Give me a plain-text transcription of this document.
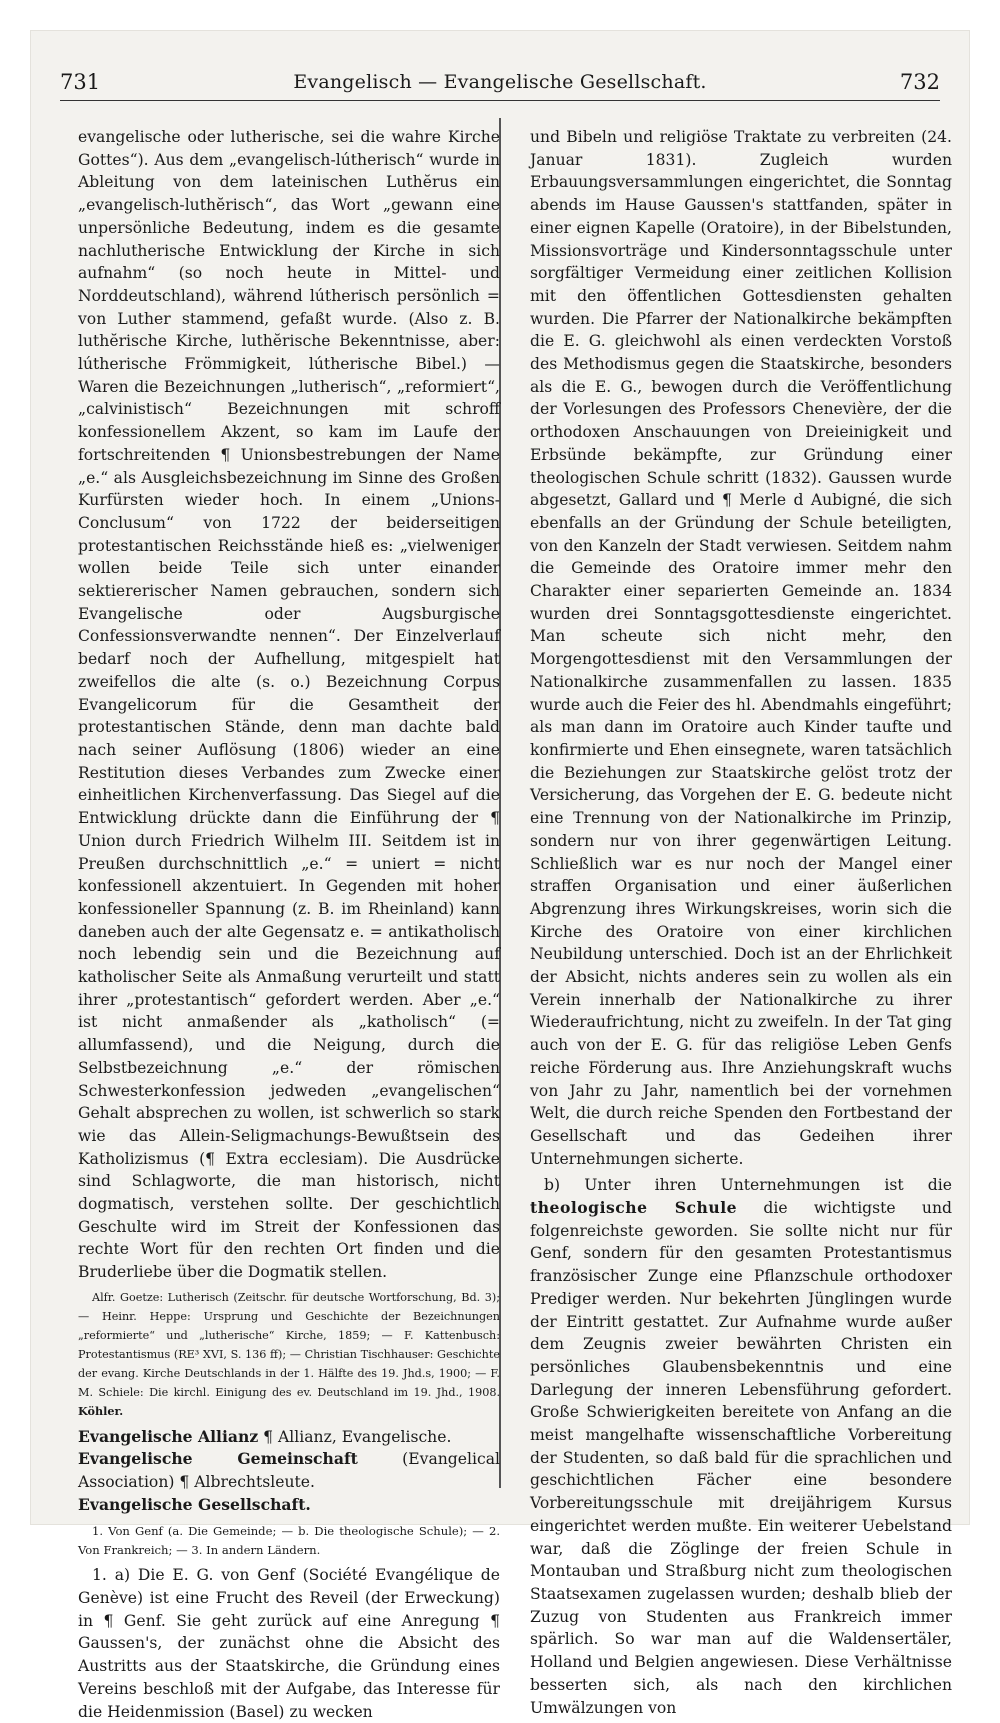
731	Evangelisch — Evangelische Gesellschaft.	732

evangelische oder lutherische, sei die wahre Kirche Gottes“). Aus dem „evangelisch-lútherisch“ wurde in Ableitung von dem lateinischen Luthĕrus ein „evangelisch-luthĕrisch“, das Wort „gewann eine unpersönliche Bedeutung, indem es die gesamte nachlutherische Entwicklung der Kirche in sich aufnahm“ (so noch heute in Mittel- und Norddeutschland), während lútherisch persönlich = von Luther stammend, gefaßt wurde. (Also z. B. luthĕrische Kirche, luthĕrische Bekenntnisse, aber: lútherische Frömmigkeit, lútherische Bibel.) — Waren die Bezeichnungen „lutherisch“, „reformiert“, „calvinistisch“ Bezeichnungen mit schroff konfessionellem Akzent, so kam im Laufe der fortschreitenden ¶ Unionsbestrebungen der Name „e.“ als Ausgleichsbezeichnung im Sinne des Großen Kurfürsten wieder hoch. In einem „Unions-Conclusum“ von 1722 der beiderseitigen protestantischen Reichsstände hieß es: „vielweniger wollen beide Teile sich unter einander sektiererischer Namen gebrauchen, sondern sich Evangelische oder Augsburgische Confessionsverwandte nennen“. Der Einzelverlauf bedarf noch der Aufhellung, mitgespielt hat zweifellos die alte (s. o.) Bezeichnung Corpus Evangelicorum für die Gesamtheit der protestantischen Stände, denn man dachte bald nach seiner Auflösung (1806) wieder an eine Restitution dieses Verbandes zum Zwecke einer einheitlichen Kirchenverfassung. Das Siegel auf die Entwicklung drückte dann die Einführung der ¶ Union durch Friedrich Wilhelm III. Seitdem ist in Preußen durchschnittlich „e.“ = uniert = nicht konfessionell akzentuiert. In Gegenden mit hoher konfessioneller Spannung (z. B. im Rheinland) kann daneben auch der alte Gegensatz e. = antikatholisch noch lebendig sein und die Bezeichnung auf katholischer Seite als Anmaßung verurteilt und statt ihrer „protestantisch“ gefordert werden. Aber „e.“ ist nicht anmaßender als „katholisch“ (= allumfassend), und die Neigung, durch die Selbstbezeichnung „e.“ der römischen Schwesterkonfession jedweden „evangelischen“ Gehalt absprechen zu wollen, ist schwerlich so stark wie das Allein-Seligmachungs-Bewußtsein des Katholizismus (¶ Extra ecclesiam). Die Ausdrücke sind Schlagworte, die man historisch, nicht dogmatisch, verstehen sollte. Der geschichtlich Geschulte wird im Streit der Konfessionen das rechte Wort für den rechten Ort finden und die Bruderliebe über die Dogmatik stellen.

Alfr. Goetze: Lutherisch (Zeitschr. für deutsche Wortforschung, Bd. 3); — Heinr. Heppe: Ursprung und Geschichte der Bezeichnungen „reformierte“ und „lutherische“ Kirche, 1859; — F. Kattenbusch: Protestantismus (RE³ XVI, S. 136 ff); — Christian Tischhauser: Geschichte der evang. Kirche Deutschlands in der 1. Hälfte des 19. Jhd.s, 1900; — F. M. Schiele: Die kirchl. Einigung des ev. Deutschland im 19. Jhd., 1908. Köhler.

Evangelische Allianz ¶ Allianz, Evangelische.

Evangelische Gemeinschaft (Evangelical Association) ¶ Albrechtsleute.

Evangelische Gesellschaft.

1. Von Genf (a. Die Gemeinde; — b. Die theologische Schule); — 2. Von Frankreich; — 3. In andern Ländern.

1. a) Die E. G. von Genf (Société Evangélique de Genève) ist eine Frucht des Reveil (der Erweckung) in ¶ Genf. Sie geht zurück auf eine Anregung ¶ Gaussen's, der zunächst ohne die Absicht des Austritts aus der Staatskirche, die Gründung eines Vereins beschloß mit der Aufgabe, das Interesse für die Heidenmission (Basel) zu wecken

und Bibeln und religiöse Traktate zu verbreiten (24. Januar 1831). Zugleich wurden Erbauungsversammlungen eingerichtet, die Sonntag abends im Hause Gaussen's stattfanden, später in einer eignen Kapelle (Oratoire), in der Bibelstunden, Missionsvorträge und Kindersonntagsschule unter sorgfältiger Vermeidung einer zeitlichen Kollision mit den öffentlichen Gottesdiensten gehalten wurden. Die Pfarrer der Nationalkirche bekämpften die E. G. gleichwohl als einen verdeckten Vorstoß des Methodismus gegen die Staatskirche, besonders als die E. G., bewogen durch die Veröffentlichung der Vorlesungen des Professors Chenevière, der die orthodoxen Anschauungen von Dreieinigkeit und Erbsünde bekämpfte, zur Gründung einer theologischen Schule schritt (1832). Gaussen wurde abgesetzt, Gallard und ¶ Merle d Aubigné, die sich ebenfalls an der Gründung der Schule beteiligten, von den Kanzeln der Stadt verwiesen. Seitdem nahm die Gemeinde des Oratoire immer mehr den Charakter einer separierten Gemeinde an. 1834 wurden drei Sonntagsgottesdienste eingerichtet. Man scheute sich nicht mehr, den Morgengottesdienst mit den Versammlungen der Nationalkirche zusammenfallen zu lassen. 1835 wurde auch die Feier des hl. Abendmahls eingeführt; als man dann im Oratoire auch Kinder taufte und konfirmierte und Ehen einsegnete, waren tatsächlich die Beziehungen zur Staatskirche gelöst trotz der Versicherung, das Vorgehen der E. G. bedeute nicht eine Trennung von der Nationalkirche im Prinzip, sondern nur von ihrer gegenwärtigen Leitung. Schließlich war es nur noch der Mangel einer straffen Organisation und einer äußerlichen Abgrenzung ihres Wirkungskreises, worin sich die Kirche des Oratoire von einer kirchlichen Neubildung unterschied. Doch ist an der Ehrlichkeit der Absicht, nichts anderes sein zu wollen als ein Verein innerhalb der Nationalkirche zu ihrer Wiederaufrichtung, nicht zu zweifeln. In der Tat ging auch von der E. G. für das religiöse Leben Genfs reiche Förderung aus. Ihre Anziehungskraft wuchs von Jahr zu Jahr, namentlich bei der vornehmen Welt, die durch reiche Spenden den Fortbestand der Gesellschaft und das Gedeihen ihrer Unternehmungen sicherte.

b) Unter ihren Unternehmungen ist die theologische Schule die wichtigste und folgenreichste geworden. Sie sollte nicht nur für Genf, sondern für den gesamten Protestantismus französischer Zunge eine Pflanzschule orthodoxer Prediger werden. Nur bekehrten Jünglingen wurde der Eintritt gestattet. Zur Aufnahme wurde außer dem Zeugnis zweier bewährten Christen ein persönliches Glaubensbekenntnis und eine Darlegung der inneren Lebensführung gefordert. Große Schwierigkeiten bereitete von Anfang an die meist mangelhafte wissenschaftliche Vorbereitung der Studenten, so daß bald für die sprachlichen und geschichtlichen Fächer eine besondere Vorbereitungsschule mit dreijährigem Kursus eingerichtet werden mußte. Ein weiterer Uebelstand war, daß die Zöglinge der freien Schule in Montauban und Straßburg nicht zum theologischen Staatsexamen zugelassen wurden; deshalb blieb der Zuzug von Studenten aus Frankreich immer spärlich. So war man auf die Waldensertäler, Holland und Belgien angewiesen. Diese Verhältnisse besserten sich, als nach den kirchlichen Umwälzungen von
